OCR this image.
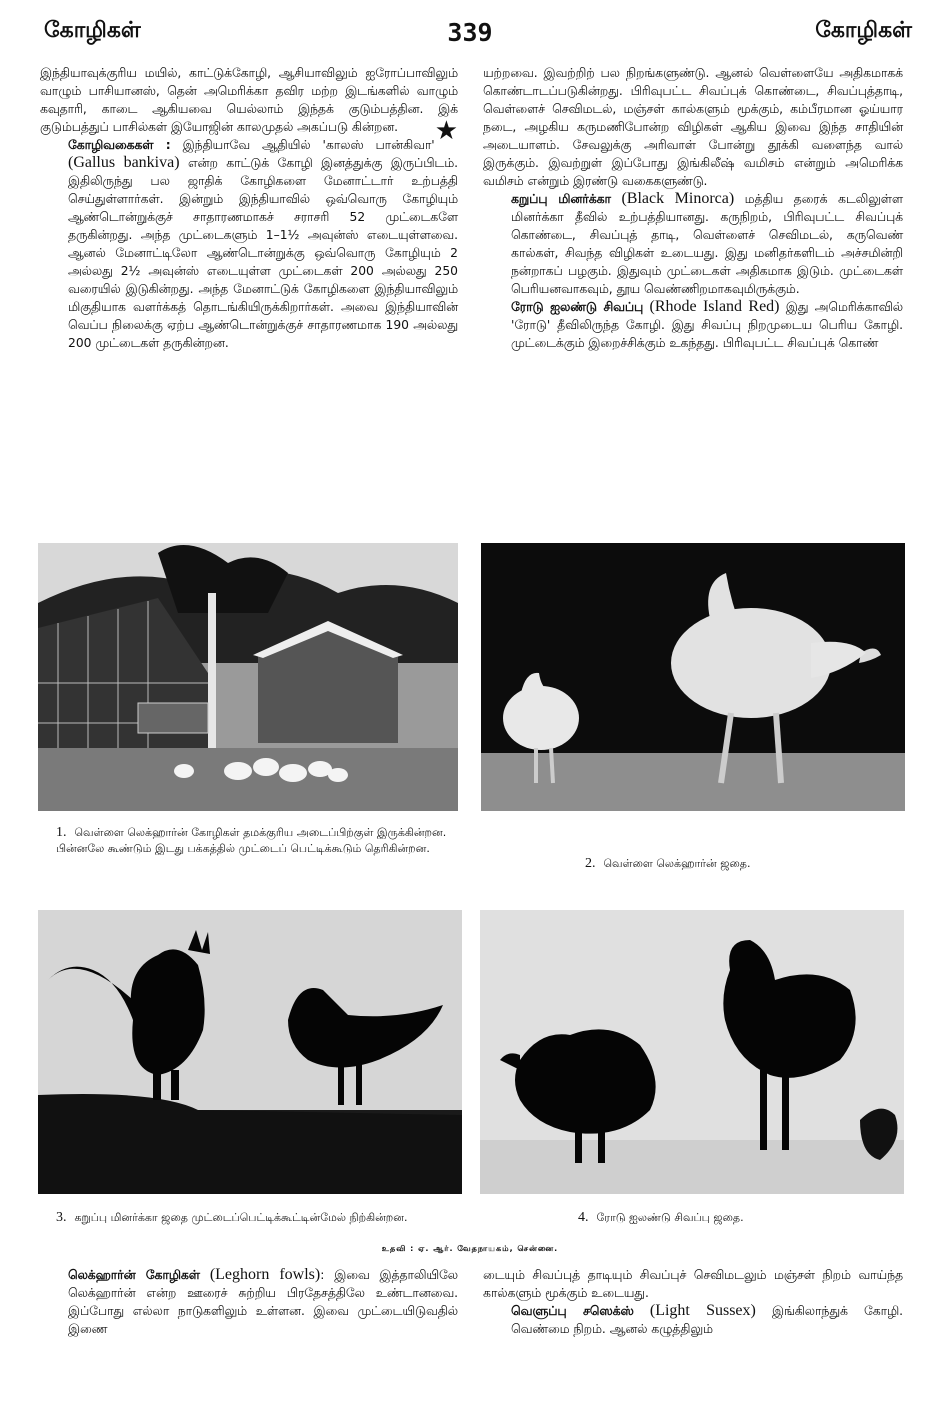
கோழிகள்	339	கோழிகள்

இந்தியாவுக்குரிய மயில், காட்டுக்கோழி, ஆசியாவிலும் ஐரோப்பாவிலும் வாழும் பாசியானஸ், தென் அமெரிக்கா தவிர மற்ற இடங்களில் வாழும் கவுதாரி, காடை ஆகியவை யெல்லாம் இந்தக் குடும்பத்தின. இக் குடும்பத்துப் பாசில்கள் இயோஜின் காலமுதல் அகப்படு கின்றன. ★

கோழிவகைகள் : இந்தியாவே ஆதியில் 'காலஸ் பான்கிவா' (Gallus bankiva) என்ற காட்டுக் கோழி இனத்துக்கு இருப்பிடம். இதிலிருந்து பல ஜாதிக் கோழிகளை மேனாட்டார் உற்பத்தி செய்துள்ளார்கள். இன்றும் இந்தியாவில் ஒவ்வொரு கோழியும் ஆண்டொன்றுக்குச் சாதாரணமாகச் சராசரி 52 முட்டைகளே தருகின்றது. அந்த முட்டைகளும் 1–1½ அவுன்ஸ் எடையுள்ளவை. ஆனல் மேனாட்டிலோ ஆண்டொன்றுக்கு ஒவ்வொரு கோழியும் 2 அல்லது 2½ அவுன்ஸ் எடையுள்ள முட்டைகள் 200 அல்லது 250 வரையில் இடுகின்றது. அந்த மேனாட்டுக் கோழிகளை இந்தியாவிலும் மிகுதியாக வளர்க்கத் தொடங்கியிருக்கிறார்கள். அவை இந்தியாவின் வெப்ப நிலைக்கு ஏற்ப ஆண்டொன்றுக்குச் சாதாரணமாக 190 அல்லது 200 முட்டைகள் தருகின்றன.

யற்றவை. இவற்றிற் பல நிறங்களுண்டு. ஆனல் வெள்ளையே அதிகமாகக் கொண்டாடப்படுகின்றது. பிரிவுபட்ட சிவப்புக் கொண்டை, சிவப்புத்தாடி, வெள்ளைச் செவிமடல், மஞ்சள் கால்களும் மூக்கும், கம்பீரமான ஓய்யார நடை, அழகிய கருமணிபோன்ற விழிகள் ஆகிய இவை இந்த சாதியின் அடையாளம். சேவலுக்கு அரிவாள் போன்று தூக்கி வளைந்த வால் இருக்கும். இவற்றுள் இப்போது இங்கிலீஷ் வமிசம் என்றும் அமெரிக்க வமிசம் என்றும் இரண்டு வகைகளுண்டு.

கறுப்பு மினர்க்கா (Black Minorca) மத்திய தரைக் கடலிலுள்ள மினர்க்கா தீவில் உற்பத்தியானது. கருநிறம், பிரிவுபட்ட சிவப்புக் கொண்டை, சிவப்புத் தாடி, வெள்ளைச் செவிமடல், கருவெண் கால்கள், சிவந்த விழிகள் உடையது. இது மனிதர்களிடம் அச்சமின்றி நன்றாகப் பழகும். இதுவும் முட்டைகள் அதிகமாக இடும். முட்டைகள் பெரியனவாகவும், தூய வெண்ணிறமாகவுமிருக்கும்.

ரோடு ஐலண்டு சிவப்பு (Rhode Island Red) இது அமெரிக்காவில் 'ரோடு' தீவிலிருந்த கோழி. இது சிவப்பு நிறமுடைய பெரிய கோழி. முட்டைக்கும் இறைச்சிக்கும் உகந்தது. பிரிவுபட்ட சிவப்புக் கொண்

1. வெள்ளை லெக்ஹார்ன் கோழிகள் தமக்குரிய அடைப்பிற்குள் இருக்கின்றன. பின்னலே கூண்டும் இடது பக்கத்தில் முட்டைப் பெட்டிக்கூடும் தெரிகின்றன.
2. வெள்ளை லெக்ஹார்ன் ஜதை.
3. கறுப்பு மினர்க்கா ஜதை முட்டைப்பெட்டிக்கூட்டின்மேல் நிற்கின்றன.	4. ரோடு ஐலண்டு சிவப்பு ஜதை.
உதவி : ஏ. ஆர். வேதநாயகம், சென்னை.

லெக்ஹார்ன் கோழிகள் (Leghorn fowls): இவை இத்தாலியிலே லெக்ஹார்ன் என்ற ஊரைச் சுற்றிய பிரதேசத்திலே உண்டானவை. இப்போது எல்லா நாடுகளிலும் உள்ளன. இவை முட்டையிடுவதில் இணை

டையும் சிவப்புத் தாடியும் சிவப்புச் செவிமடலும் மஞ்சள் நிறம் வாய்ந்த கால்களும் மூக்கும் உடையது.

வெளுப்பு சஸெக்ஸ் (Light Sussex) இங்கிலாந்துக் கோழி. வெண்மை நிறம். ஆனல் கழுத்திலும்
